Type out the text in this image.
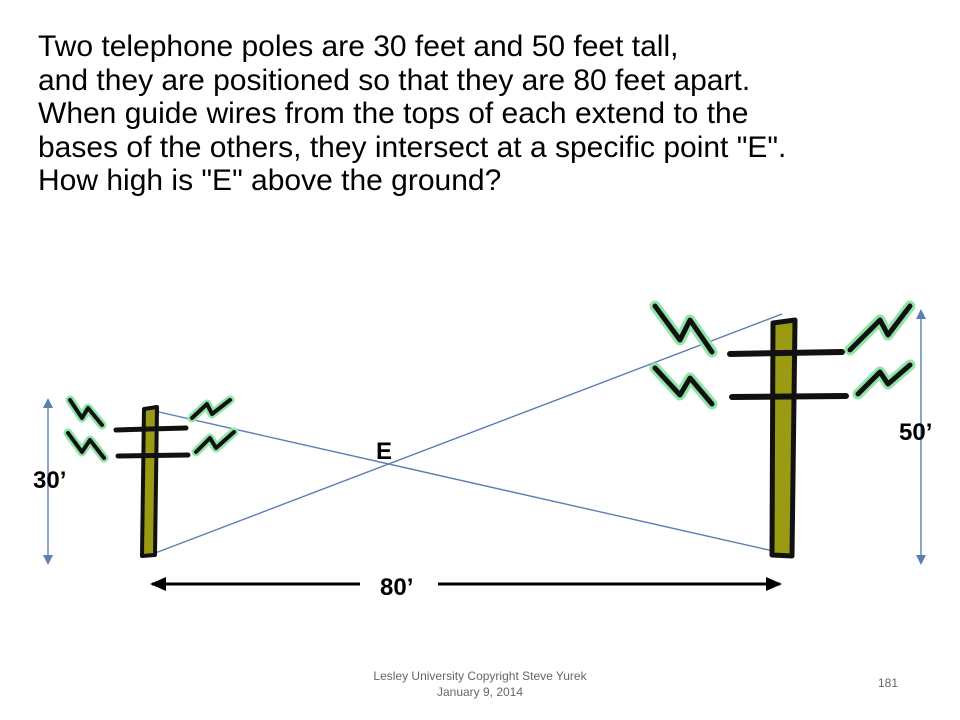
Two telephone poles are 30 feet and 50 feet tall,
and they are positioned so that they are 80 feet apart.
When guide wires from the tops of each extend to the
bases of the others, they intersect at a specific point "E".
How high is "E" above the ground?
E
30’
50’
80’
Lesley University Copyright Steve Yurek
January 9, 2014
181
